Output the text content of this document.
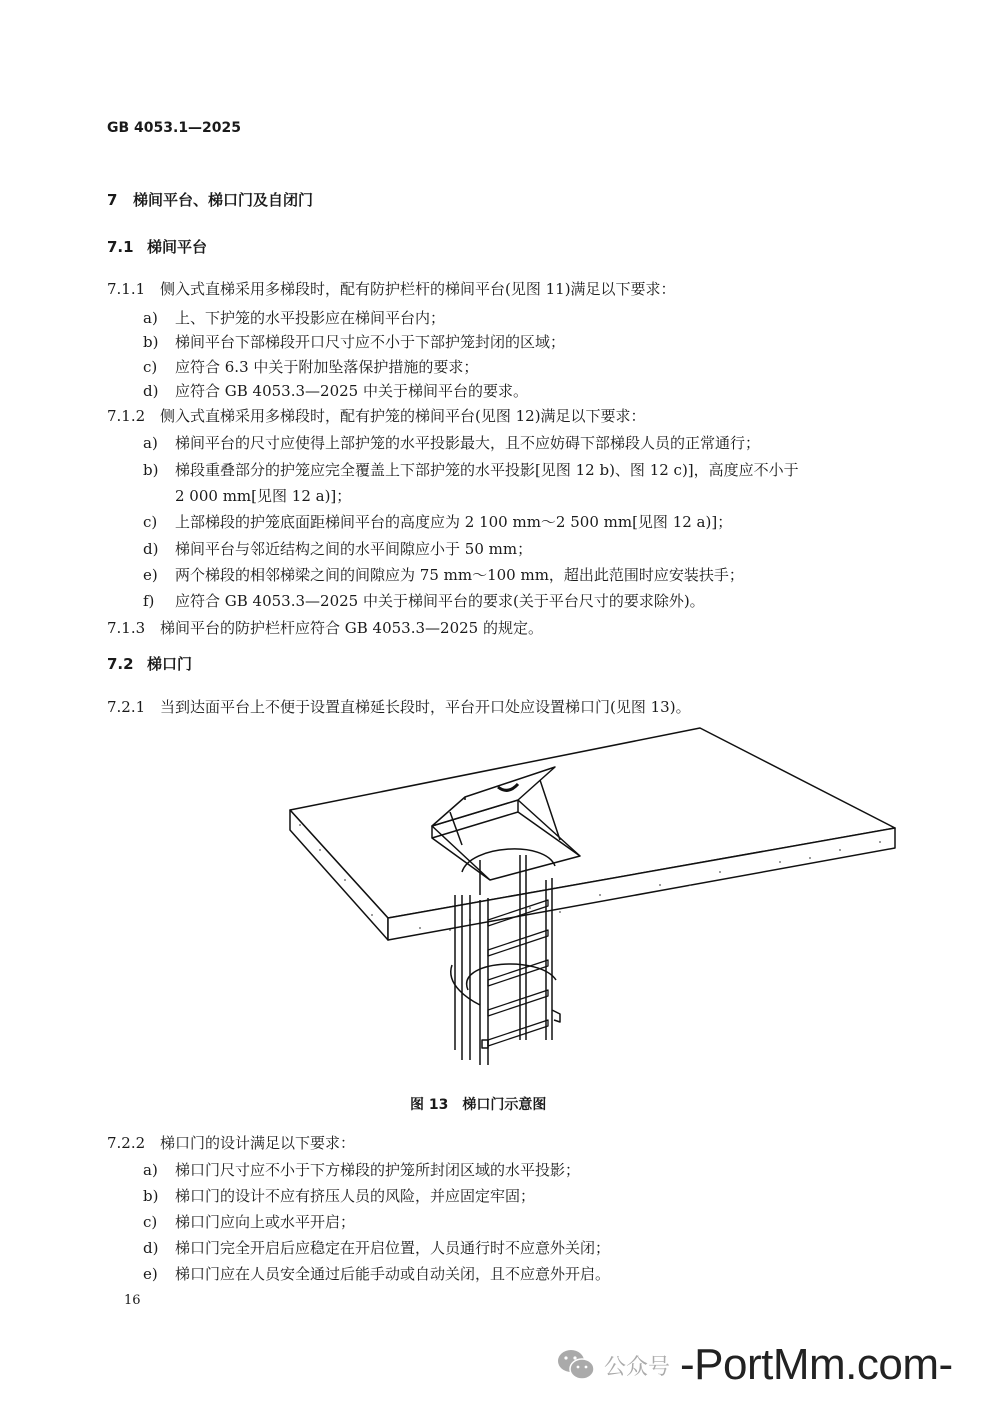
GB 4053.1—2025
7 梯间平台、梯口门及自闭门
7.1 梯间平台
7.1.1 侧入式直梯采用多梯段时，配有防护栏杆的梯间平台(见图 11)满足以下要求：
a) 上、下护笼的水平投影应在梯间平台内；
b) 梯间平台下部梯段开口尺寸应不小于下部护笼封闭的区域；
c) 应符合 6.3 中关于附加坠落保护措施的要求；
d) 应符合 GB 4053.3—2025 中关于梯间平台的要求。
7.1.2 侧入式直梯采用多梯段时，配有护笼的梯间平台(见图 12)满足以下要求：
a) 梯间平台的尺寸应使得上部护笼的水平投影最大，且不应妨碍下部梯段人员的正常通行；
b) 梯段重叠部分的护笼应完全覆盖上下部护笼的水平投影[见图 12 b)、图 12 c)]，高度应不小于
2 000 mm[见图 12 a)]；
c) 上部梯段的护笼底面距梯间平台的高度应为 2 100 mm～2 500 mm[见图 12 a)]；
d) 梯间平台与邻近结构之间的水平间隙应小于 50 mm；
e) 两个梯段的相邻梯梁之间的间隙应为 75 mm～100 mm，超出此范围时应安装扶手；
f) 应符合 GB 4053.3—2025 中关于梯间平台的要求(关于平台尺寸的要求除外)。
7.1.3 梯间平台的防护栏杆应符合 GB 4053.3—2025 的规定。
7.2 梯口门
7.2.1 当到达面平台上不便于设置直梯延长段时，平台开口处应设置梯口门(见图 13)。
图 13　梯口门示意图
7.2.2 梯口门的设计满足以下要求：
a) 梯口门尺寸应不小于下方梯段的护笼所封闭区域的水平投影；
b) 梯口门的设计不应有挤压人员的风险，并应固定牢固；
c) 梯口门应向上或水平开启；
d) 梯口门完全开启后应稳定在开启位置，人员通行时不应意外关闭；
e) 梯口门应在人员安全通过后能手动或自动关闭，且不应意外开启。
16
公众号 -PortMm.com-
